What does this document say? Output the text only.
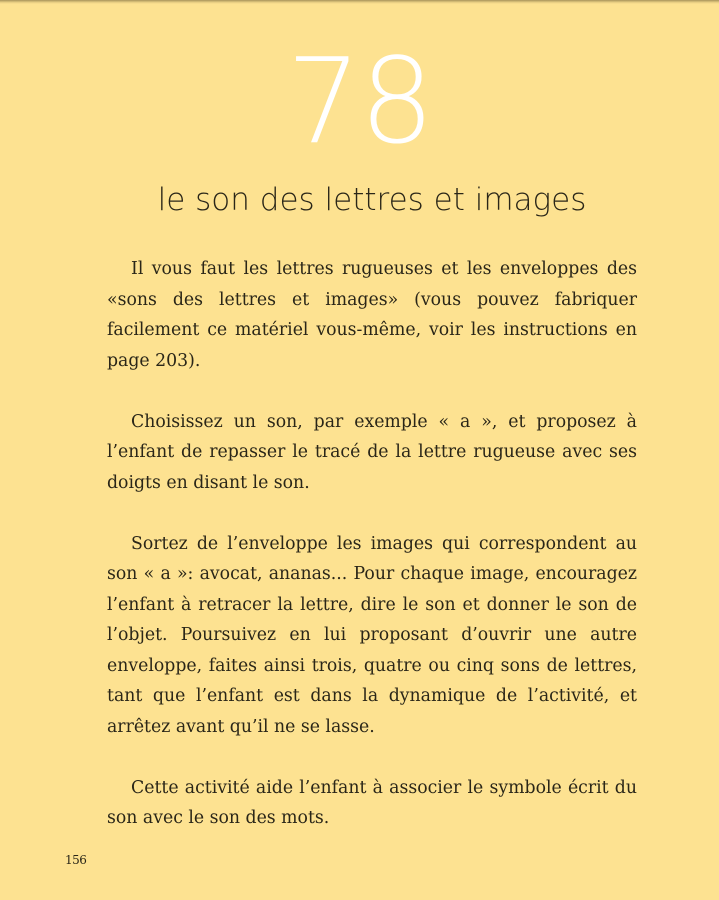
78
le son des lettres et images

Il vous faut les lettres rugueuses et les enveloppes des «sons des lettres et images» (vous pouvez fabriquer facilement ce matériel vous-même, voir les instructions en page 203).

Choisissez un son, par exemple « a », et proposez à l’enfant de repasser le tracé de la lettre rugueuse avec ses doigts en disant le son.

Sortez de l’enveloppe les images qui correspondent au son « a »: avocat, ananas... Pour chaque image, encouragez l’enfant à retracer la lettre, dire le son et donner le son de l’objet. Poursuivez en lui proposant d’ouvrir une autre enveloppe, faites ainsi trois, quatre ou cinq sons de lettres, tant que l’enfant est dans la dynamique de l’activité, et arrêtez avant qu’il ne se lasse.

Cette activité aide l’enfant à associer le symbole écrit du son avec le son des mots.

156
